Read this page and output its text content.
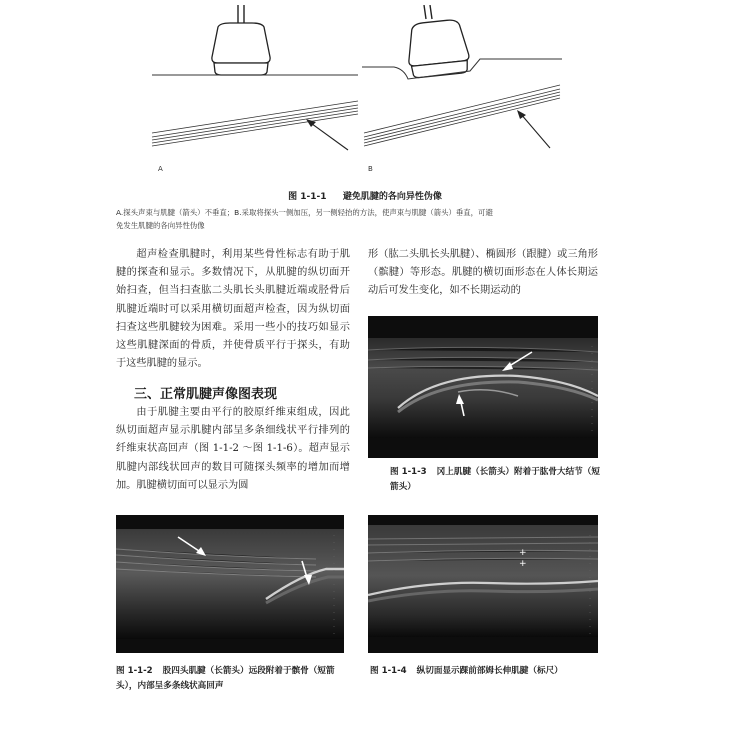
A	B
图 1-1-1 避免肌腱的各向异性伪像
A.探头声束与肌腱（箭头）不垂直；B.采取将探头一侧加压，另一侧轻抬的方法，使声束与肌腱（箭头）垂直，可避
免发生肌腱的各向异性伪像
超声检查肌腱时，利用某些骨性标志有助于肌腱的探查和显示。多数情况下，从肌腱的纵切面开始扫查，但当扫查肱二头肌长头肌腱近端或胫骨后肌腱近端时可以采用横切面超声检查，因为纵切面扫查这些肌腱较为困难。采用一些小的技巧如显示这些肌腱深面的骨质，并使骨质平行于探头，有助于这些肌腱的显示。
三、正常肌腱声像图表现
由于肌腱主要由平行的胶原纤维束组成，因此纵切面超声显示肌腱内部呈多条细线状平行排列的纤维束状高回声（图 1-1-2 ～图 1-1-6）。超声显示肌腱内部线状回声的数目可随探头频率的增加而增加。肌腱横切面可以显示为圆
形（肱二头肌长头肌腱）、椭圆形（跟腱）或三角形（髌腱）等形态。肌腱的横切面形态在人体长期运动后可发生变化，如不长期运动的
图 1-1-3 冈上肌腱（长箭头）附着于肱骨大结节（短箭头）
图 1-1-2 股四头肌腱（长箭头）远段附着于髌骨（短箭头），内部呈多条线状高回声
+
+
图 1-1-4 纵切面显示踝前部姆长伸肌腱（标尺）
